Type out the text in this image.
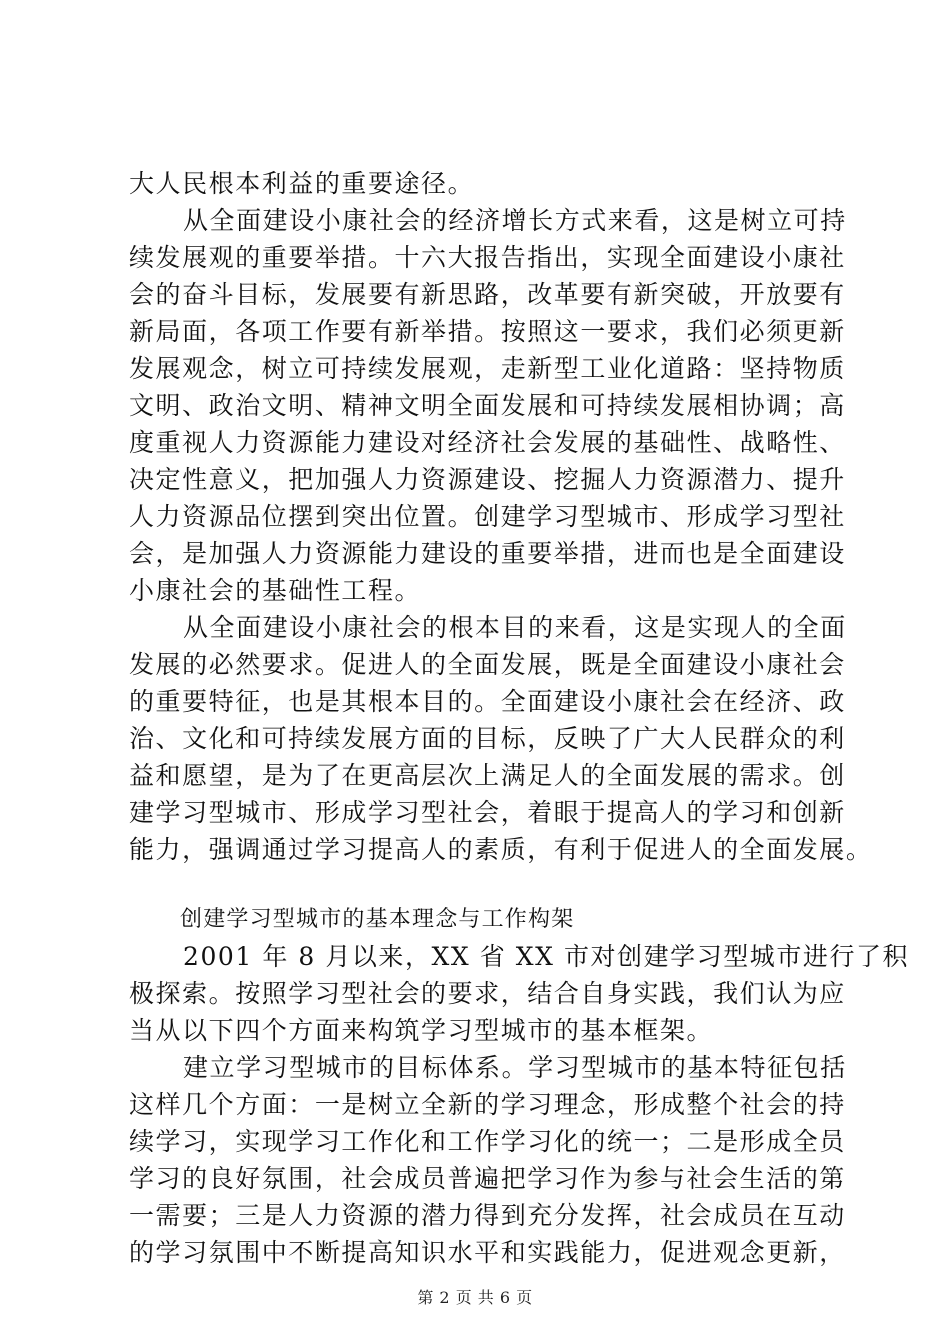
大人民根本利益的重要途径。
从全面建设小康社会的经济增长方式来看，这是树立可持
续发展观的重要举措。十六大报告指出，实现全面建设小康社
会的奋斗目标，发展要有新思路，改革要有新突破，开放要有
新局面，各项工作要有新举措。按照这一要求，我们必须更新
发展观念，树立可持续发展观，走新型工业化道路：坚持物质
文明、政治文明、精神文明全面发展和可持续发展相协调；高
度重视人力资源能力建设对经济社会发展的基础性、战略性、
决定性意义，把加强人力资源建设、挖掘人力资源潜力、提升
人力资源品位摆到突出位置。创建学习型城市、形成学习型社
会，是加强人力资源能力建设的重要举措，进而也是全面建设
小康社会的基础性工程。
从全面建设小康社会的根本目的来看，这是实现人的全面
发展的必然要求。促进人的全面发展，既是全面建设小康社会
的重要特征，也是其根本目的。全面建设小康社会在经济、政
治、文化和可持续发展方面的目标，反映了广大人民群众的利
益和愿望，是为了在更高层次上满足人的全面发展的需求。创
建学习型城市、形成学习型社会，着眼于提高人的学习和创新
能力，强调通过学习提高人的素质，有利于促进人的全面发展。
创建学习型城市的基本理念与工作构架
2001 年 8 月以来，XX 省 XX 市对创建学习型城市进行了积
极探索。按照学习型社会的要求，结合自身实践，我们认为应
当从以下四个方面来构筑学习型城市的基本框架。
建立学习型城市的目标体系。学习型城市的基本特征包括
这样几个方面：一是树立全新的学习理念，形成整个社会的持
续学习，实现学习工作化和工作学习化的统一；二是形成全员
学习的良好氛围，社会成员普遍把学习作为参与社会生活的第
一需要；三是人力资源的潜力得到充分发挥，社会成员在互动
的学习氛围中不断提高知识水平和实践能力，促进观念更新，
第 2 页 共 6 页
